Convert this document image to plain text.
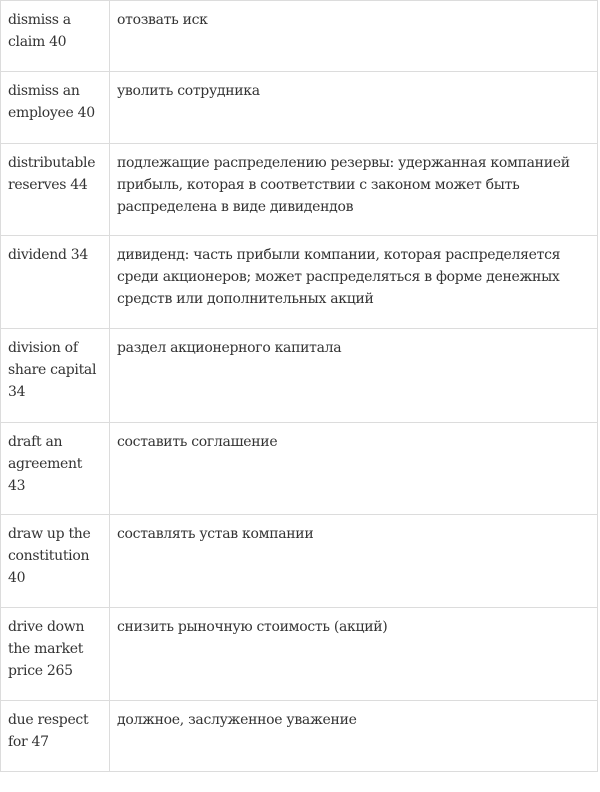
dismiss a claim 40	отозвать иск
dismiss an employee 40	уволить сотрудника
distributable reserves 44	подлежащие распределению резервы: удержанная компанией прибыль, которая в соответствии с законом может быть распределена в виде дивидендов
dividend 34	дивиденд: часть прибыли компании, которая распределяется среди акционеров; может распределяться в форме денежных средств или дополнительных акций
division of share capital 34	раздел акционерного капитала
draft an agreement 43	составить соглашение
draw up the constitution 40	составлять устав компании
drive down the market price 265	снизить рыночную стоимость (акций)
due respect for 47	должное, заслуженное уважение
